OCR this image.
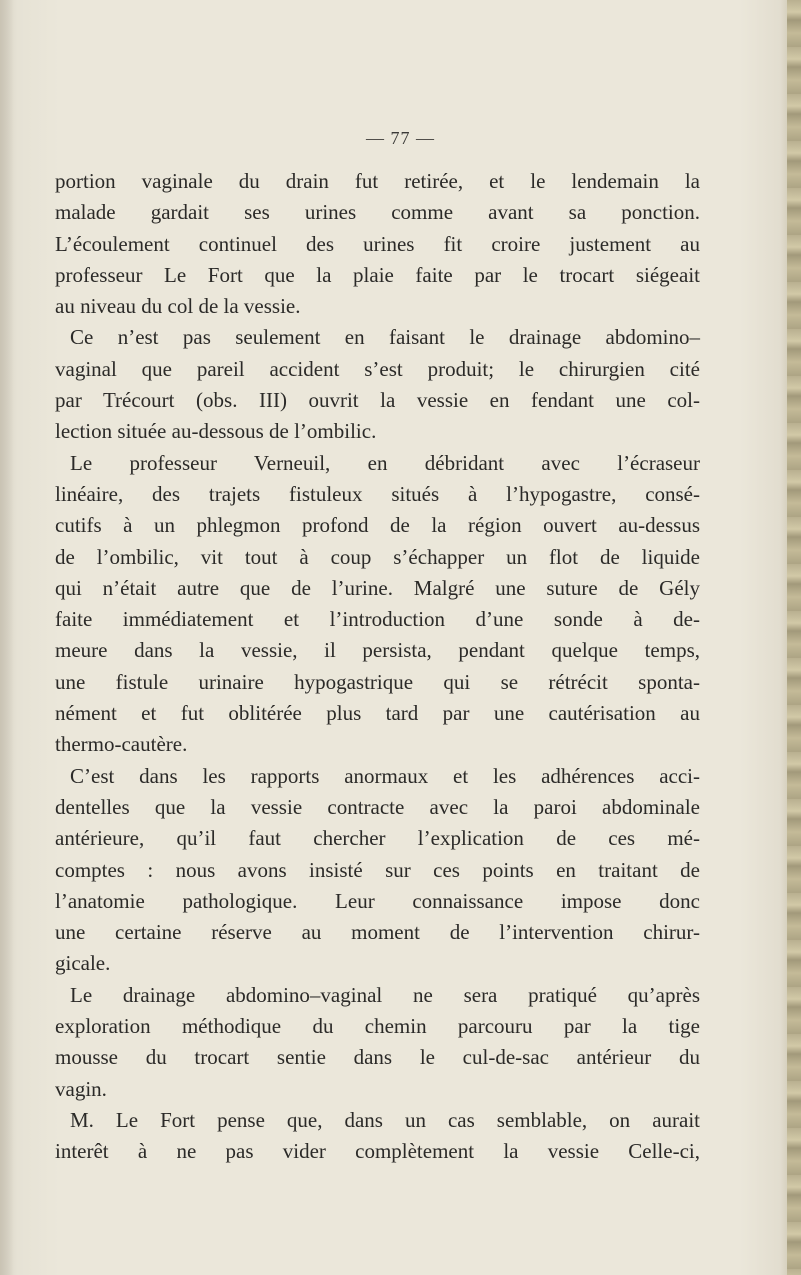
— 77 —
portion vaginale du drain fut retirée, et le lendemain la
malade gardait ses urines comme avant sa ponction.
L’écoulement continuel des urines fit croire justement au
professeur Le Fort que la plaie faite par le trocart siégeait
au niveau du col de la vessie.
Ce n’est pas seulement en faisant le drainage abdomino–
vaginal que pareil accident s’est produit; le chirurgien cité
par Trécourt (obs. III) ouvrit la vessie en fendant une col-
lection située au-dessous de l’ombilic.
Le professeur Verneuil, en débridant avec l’écraseur
linéaire, des trajets fistuleux situés à l’hypogastre, consé-
cutifs à un phlegmon profond de la région ouvert au-dessus
de l’ombilic, vit tout à coup s’échapper un flot de liquide
qui n’était autre que de l’urine. Malgré une suture de Gély
faite immédiatement et l’introduction d’une sonde à de-
meure dans la vessie, il persista, pendant quelque temps,
une fistule urinaire hypogastrique qui se rétrécit sponta-
nément et fut oblitérée plus tard par une cautérisation au
thermo-cautère.
C’est dans les rapports anormaux et les adhérences acci-
dentelles que la vessie contracte avec la paroi abdominale
antérieure, qu’il faut chercher l’explication de ces mé-
comptes : nous avons insisté sur ces points en traitant de
l’anatomie pathologique. Leur connaissance impose donc
une certaine réserve au moment de l’intervention chirur-
gicale.
Le drainage abdomino–vaginal ne sera pratiqué qu’après
exploration méthodique du chemin parcouru par la tige
mousse du trocart sentie dans le cul-de-sac antérieur du
vagin.
M. Le Fort pense que, dans un cas semblable, on aurait
interêt à ne pas vider complètement la vessie Celle-ci,
